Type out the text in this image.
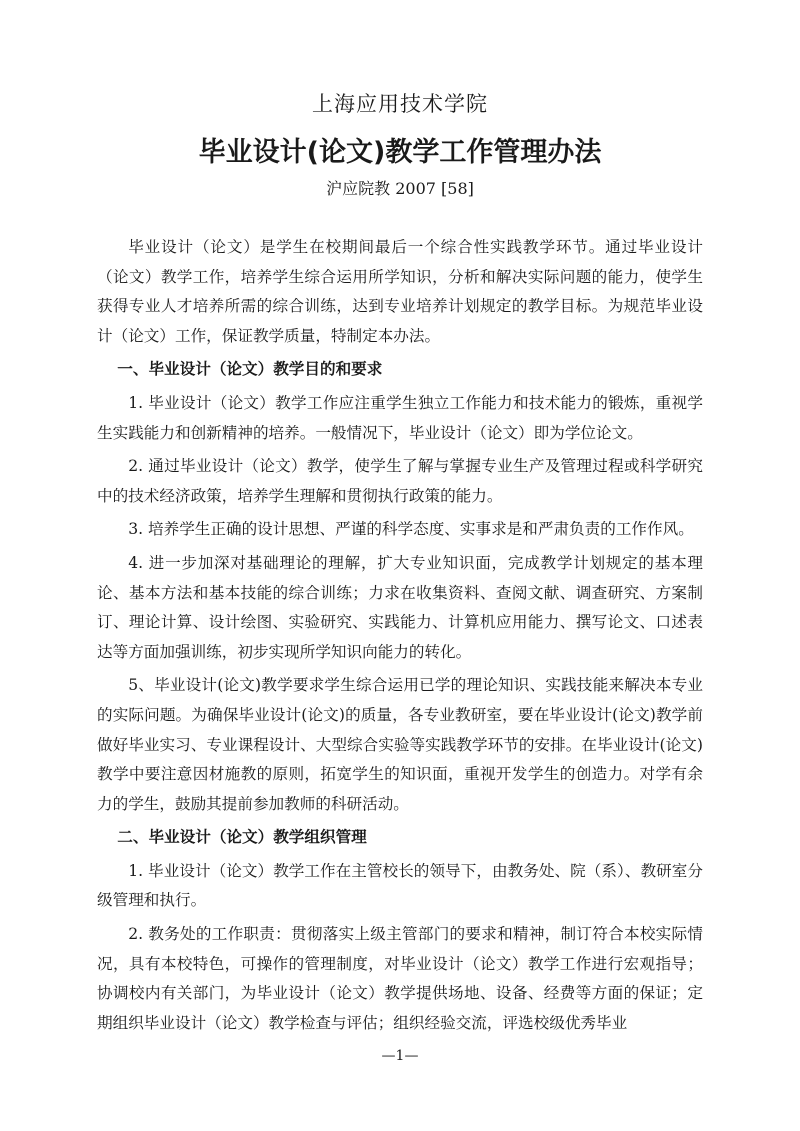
上海应用技术学院
毕业设计(论文)教学工作管理办法
沪应院教 2007 [58]

毕业设计（论文）是学生在校期间最后一个综合性实践教学环节。通过毕业设计（论文）教学工作，培养学生综合运用所学知识，分析和解决实际问题的能力，使学生获得专业人才培养所需的综合训练，达到专业培养计划规定的教学目标。为规范毕业设计（论文）工作，保证教学质量，特制定本办法。

一、毕业设计（论文）教学目的和要求

1. 毕业设计（论文）教学工作应注重学生独立工作能力和技术能力的锻炼，重视学生实践能力和创新精神的培养。一般情况下，毕业设计（论文）即为学位论文。

2. 通过毕业设计（论文）教学，使学生了解与掌握专业生产及管理过程或科学研究中的技术经济政策，培养学生理解和贯彻执行政策的能力。

3. 培养学生正确的设计思想、严谨的科学态度、实事求是和严肃负责的工作作风。

4. 进一步加深对基础理论的理解，扩大专业知识面，完成教学计划规定的基本理论、基本方法和基本技能的综合训练；力求在收集资料、查阅文献、调查研究、方案制订、理论计算、设计绘图、实验研究、实践能力、计算机应用能力、撰写论文、口述表达等方面加强训练，初步实现所学知识向能力的转化。

5、毕业设计(论文)教学要求学生综合运用已学的理论知识、实践技能来解决本专业的实际问题。为确保毕业设计(论文)的质量，各专业教研室，要在毕业设计(论文)教学前做好毕业实习、专业课程设计、大型综合实验等实践教学环节的安排。在毕业设计(论文)教学中要注意因材施教的原则，拓宽学生的知识面，重视开发学生的创造力。对学有余力的学生，鼓励其提前参加教师的科研活动。

二、毕业设计（论文）教学组织管理

1. 毕业设计（论文）教学工作在主管校长的领导下，由教务处、院（系）、教研室分级管理和执行。

2. 教务处的工作职责：贯彻落实上级主管部门的要求和精神，制订符合本校实际情况，具有本校特色，可操作的管理制度，对毕业设计（论文）教学工作进行宏观指导；协调校内有关部门，为毕业设计（论文）教学提供场地、设备、经费等方面的保证；定期组织毕业设计（论文）教学检查与评估；组织经验交流，评选校级优秀毕业

—1—
